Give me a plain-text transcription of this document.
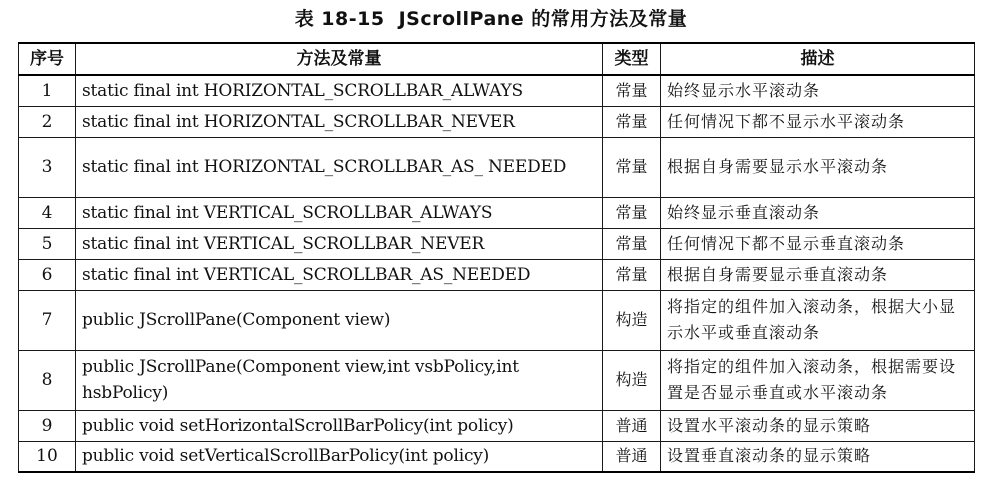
表 18-15 JScrollPane 的常用方法及常量
序号	方法及常量	类型	描述
1	static final int HORIZONTAL_SCROLLBAR_ALWAYS	常量	始终显示水平滚动条
2	static final int HORIZONTAL_SCROLLBAR_NEVER	常量	任何情况下都不显示水平滚动条
3	static final int HORIZONTAL_SCROLLBAR_AS_ NEEDED	常量	根据自身需要显示水平滚动条
4	static final int VERTICAL_SCROLLBAR_ALWAYS	常量	始终显示垂直滚动条
5	static final int VERTICAL_SCROLLBAR_NEVER	常量	任何情况下都不显示垂直滚动条
6	static final int VERTICAL_SCROLLBAR_AS_NEEDED	常量	根据自身需要显示垂直滚动条
7	public JScrollPane(Component view)	构造	将指定的组件加入滚动条，根据大小显示水平或垂直滚动条
8	public JScrollPane(Component view,int vsbPolicy,int hsbPolicy)	构造	将指定的组件加入滚动条，根据需要设置是否显示垂直或水平滚动条
9	public void setHorizontalScrollBarPolicy(int policy)	普通	设置水平滚动条的显示策略
10	public void setVerticalScrollBarPolicy(int policy)	普通	设置垂直滚动条的显示策略
